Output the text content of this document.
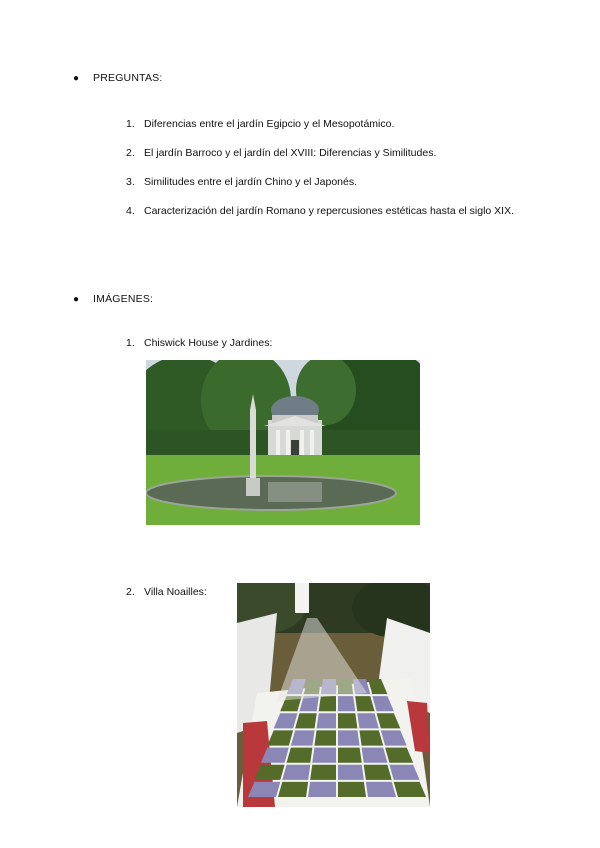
● PREGUNTAS:
1. Diferencias entre el jardín Egipcio y el Mesopotámico.
2. El jardín Barroco y el jardín del XVIII: Diferencias y Similitudes.
3. Similitudes entre el jardín Chino y el Japonés.
4. Caracterización del jardín Romano y repercusiones estéticas hasta el siglo XIX.
● IMÁGENES:
1. Chiswick House y Jardines:
2. Villa Noailles:
